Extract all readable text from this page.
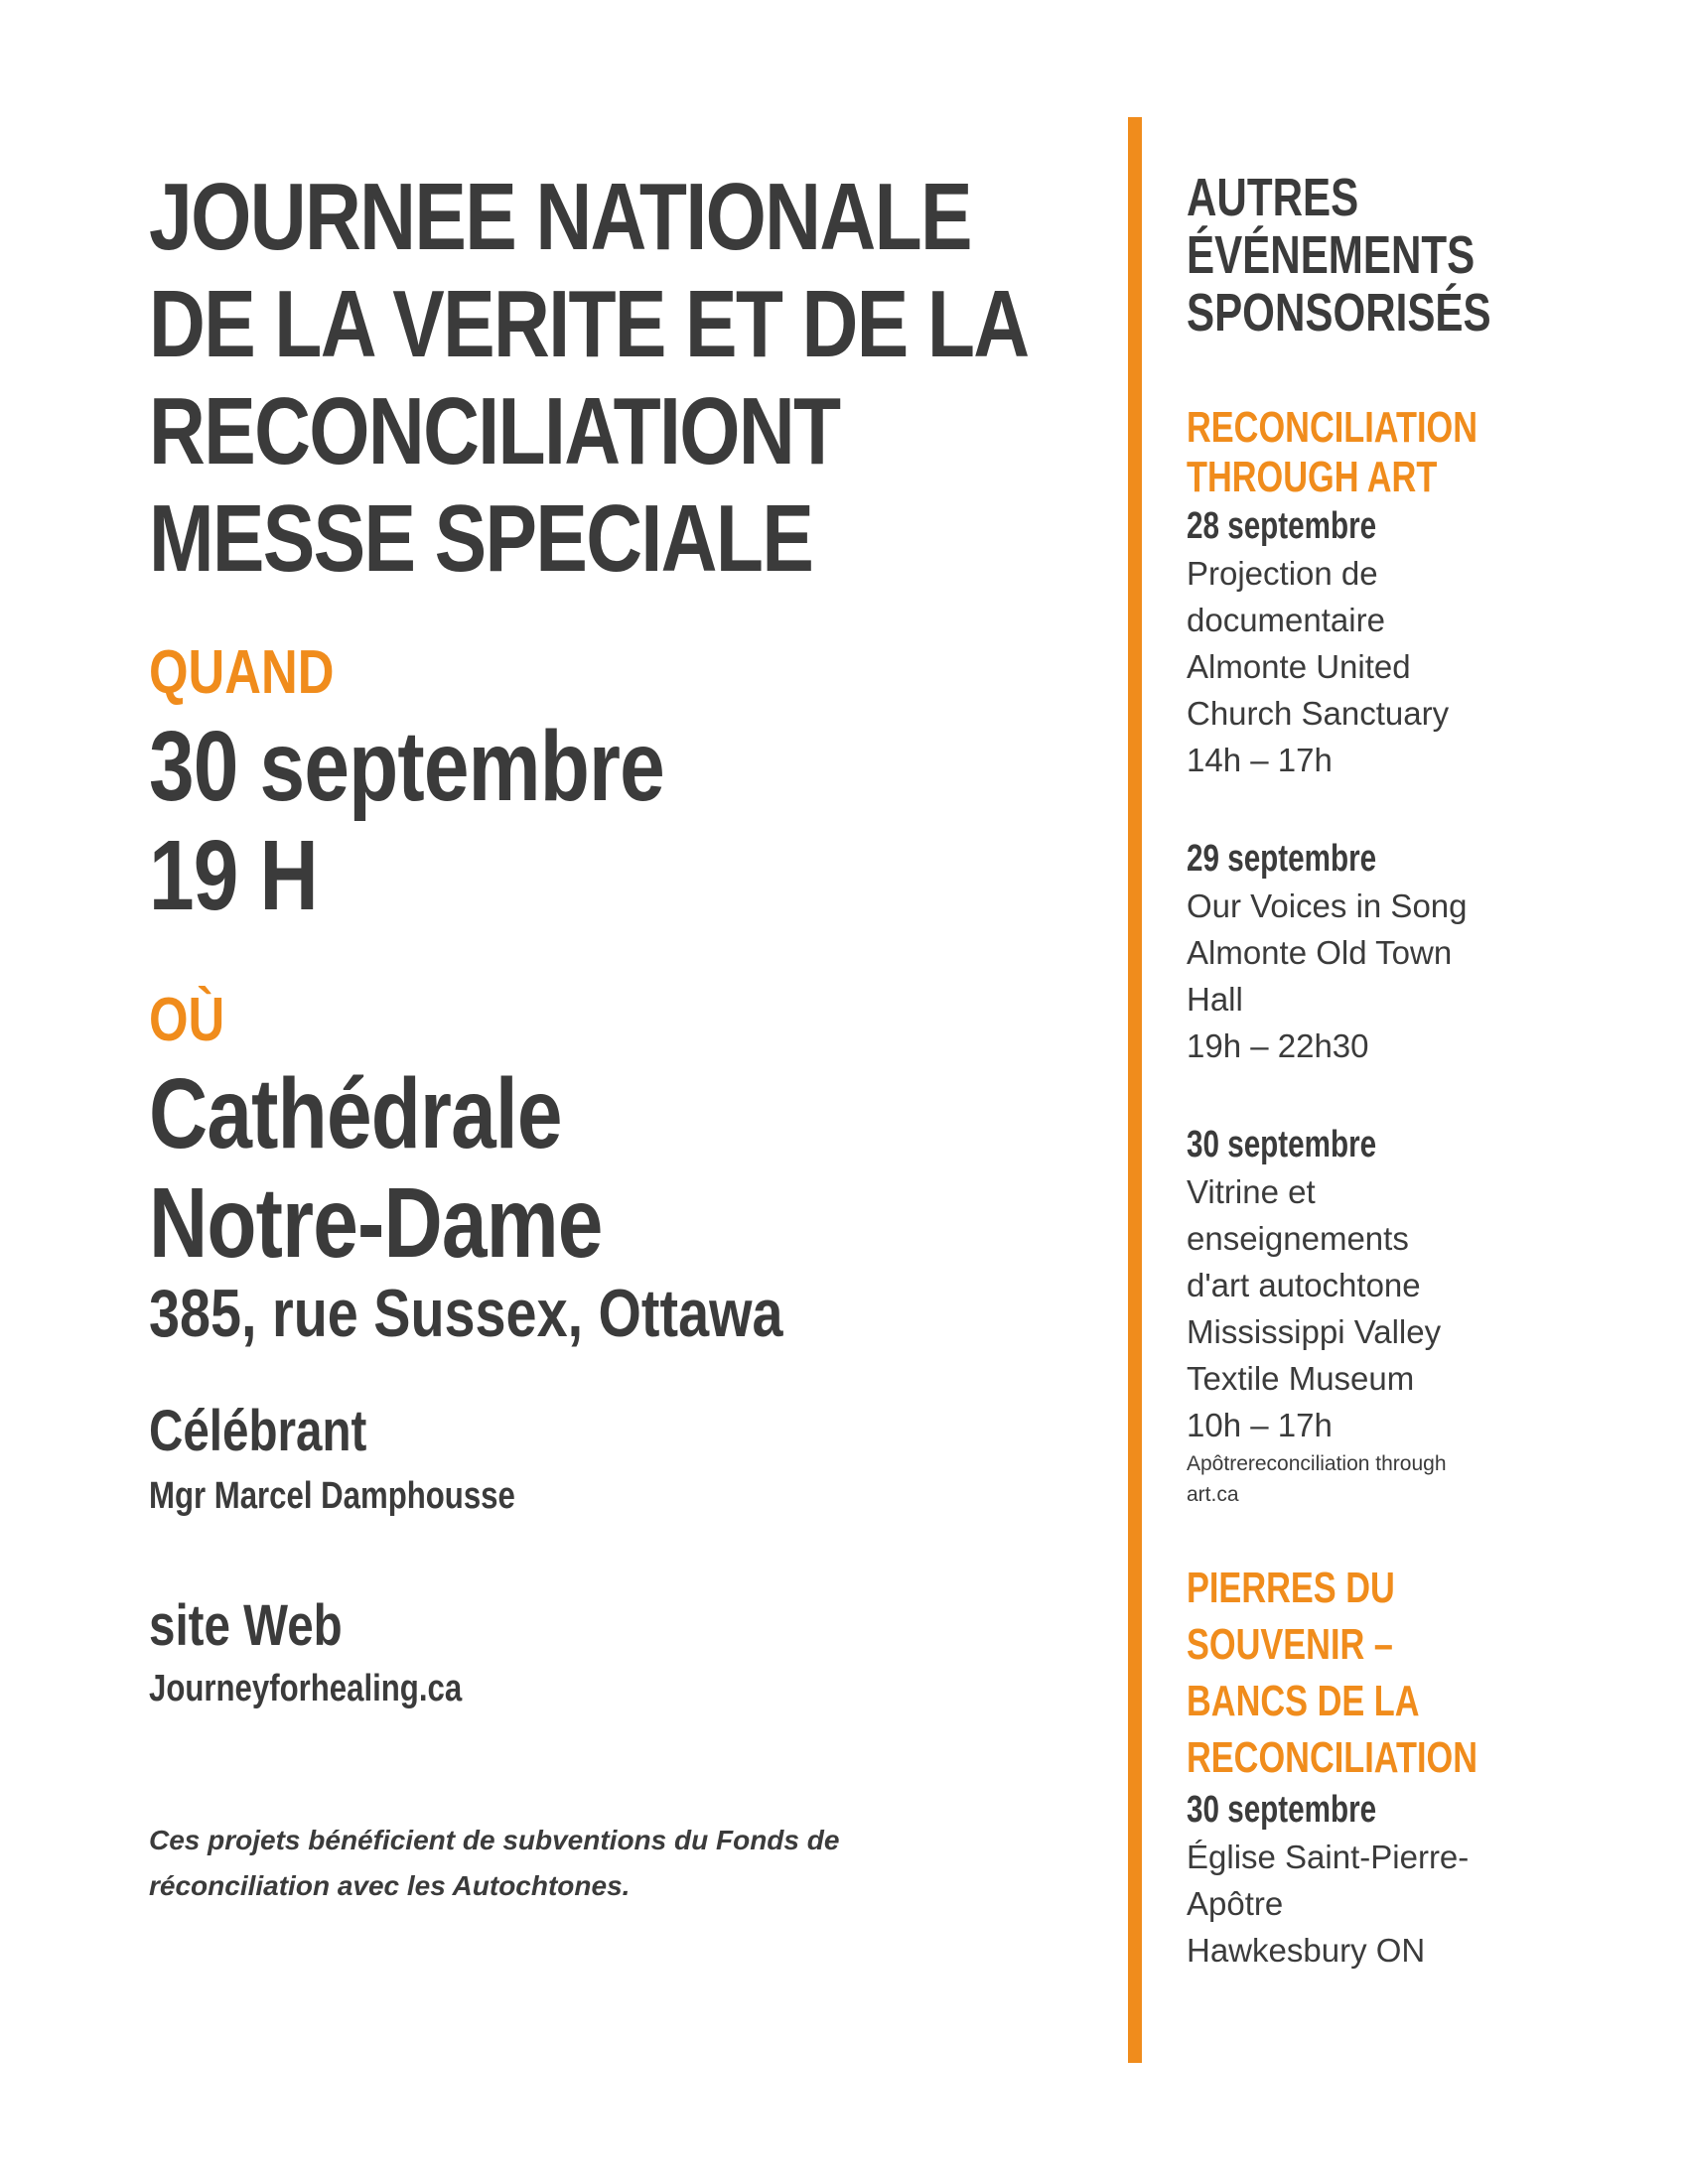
JOURNEE NATIONALE
DE LA VERITE ET DE LA
RECONCILIATIONT
MESSE SPECIALE
QUAND
30 septembre
19 H
OÙ
Cathédrale
Notre-Dame
385, rue Sussex, Ottawa
Célébrant
Mgr Marcel Damphousse
site Web
Journeyforhealing.ca
Ces projets bénéficient de subventions du Fonds de
réconciliation avec les Autochtones.
AUTRES
ÉVÉNEMENTS
SPONSORISÉS
RECONCILIATION
THROUGH ART
28 septembre
Projection de
documentaire
Almonte United
Church Sanctuary
14h – 17h
29 septembre
Our Voices in Song
Almonte Old Town
Hall
19h – 22h30
30 septembre
Vitrine et
enseignements
d'art autochtone
Mississippi Valley
Textile Museum
10h – 17h
Apôtrereconciliation through
art.ca
PIERRES DU
SOUVENIR –
BANCS DE LA
RECONCILIATION
30 septembre
Église Saint-Pierre-
Apôtre
Hawkesbury ON
